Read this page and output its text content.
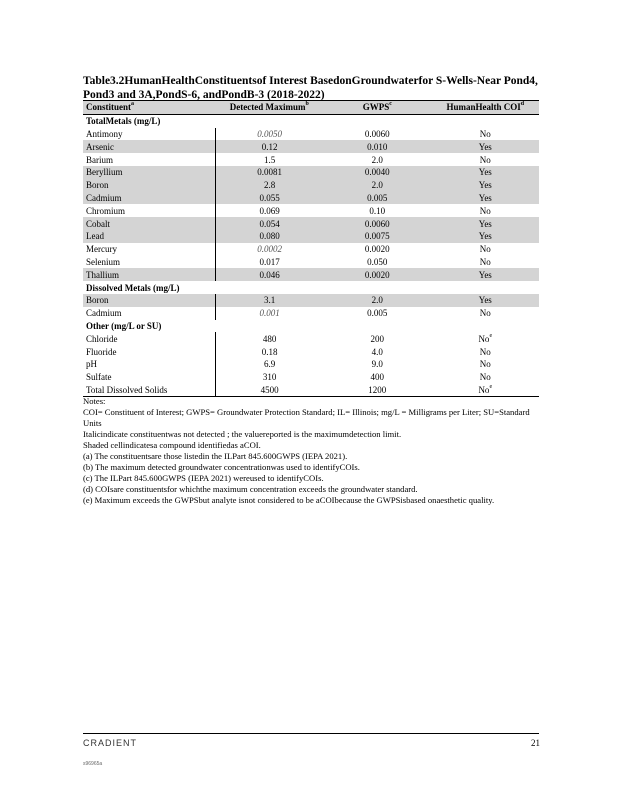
Table3.2HumanHealthConstituentsof Interest BasedonGroundwaterfor S-Wells-Near Pond4, Pond3 and 3A,PondS-6, andPondB-3 (2018-2022)
Constituent$^a$	Detected Maximum$^b$	GWPS$^c$	HumanHealth COI$^d$
TotalMetals (mg/L)			
Antimony	0.0050	0.0060	No
Arsenic	0.12	0.010	Yes
Barium	1.5	2.0	No
Beryllium	0.0081	0.0040	Yes
Boron	2.8	2.0	Yes
Cadmium	0.055	0.005	Yes
Chromium	0.069	0.10	No
Cobalt	0.054	0.0060	Yes
Lead	0.080	0.0075	Yes
Mercury	0.0002	0.0020	No
Selenium	0.017	0.050	No
Thallium	0.046	0.0020	Yes
Dissolved Metals (mg/L)			
Boron	3.1	2.0	Yes
Cadmium	0.001	0.005	No
Other (mg/L or SU)			
Chloride	480	200	No$^e$
Fluoride	0.18	4.0	No
pH	6.9	9.0	No
Sulfate	310	400	No
Total Dissolved Solids	4500	1200	No$^e$

Notes:

COI= Constituent of Interest; GWPS= Groundwater Protection Standard; IL= Illinois; mg/L = Milligrams per Liter; SU=Standard Units

Italicindicate constituentwas not detected ; the valuereported is the maximumdetection limit.

Shaded cellindicatesa compound identifiedas aCOI.

(a) The constituentsare those listedin the ILPart 845.600GWPS (IEPA 2021).

(b) The maximum detected groundwater concentrationwas used to identifyCOIs.

(c) The ILPart 845.600GWPS (IEPA 2021) wereused to identifyCOIs.

(d) COIsare constituentsfor whichthe maximum concentration exceeds the groundwater standard.

(e) Maximum exceeds the GWPSbut analyte isnot considered to be aCOIbecause the GWPSisbased onaesthetic quality.

CRADIENT	21
s96965a
